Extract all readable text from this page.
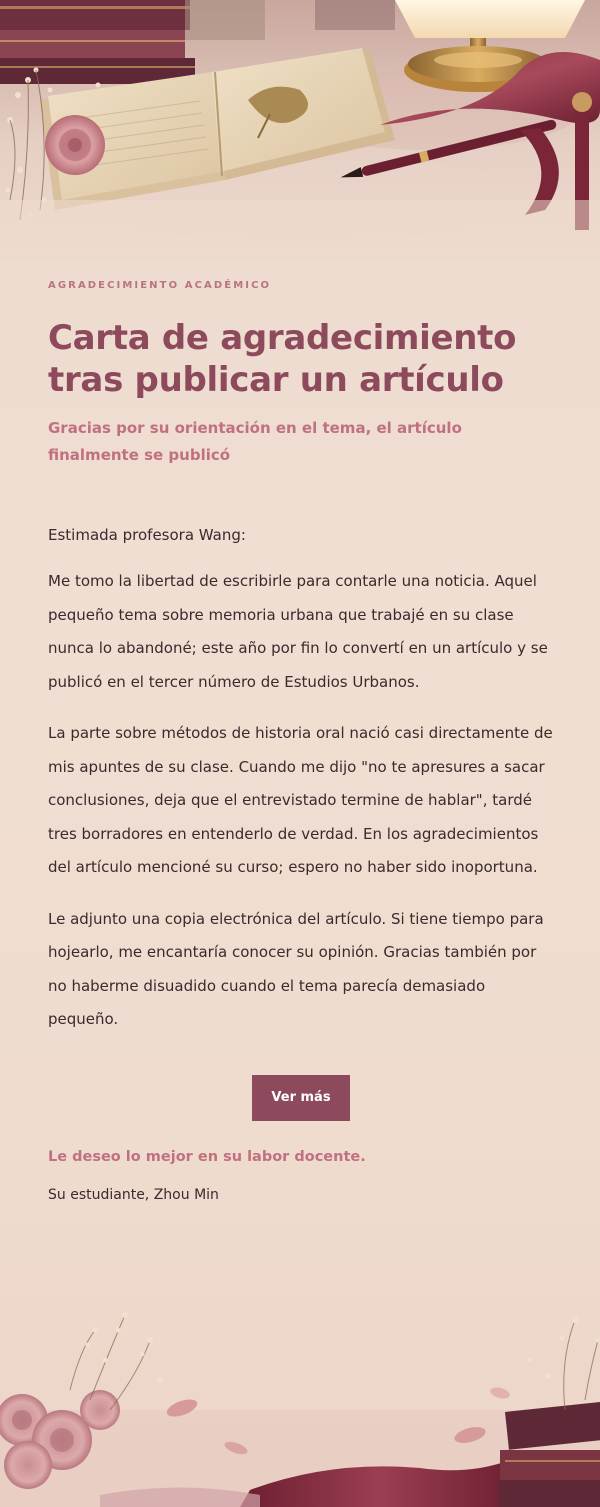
AGRADECIMIENTO ACADÉMICO

Carta de agradecimiento tras publicar un artículo

Gracias por su orientación en el tema, el artículo finalmente se publicó

Estimada profesora Wang:

Me tomo la libertad de escribirle para contarle una noticia. Aquel pequeño tema sobre memoria urbana que trabajé en su clase nunca lo abandoné; este año por fin lo convertí en un artículo y se publicó en el tercer número de Estudios Urbanos.

La parte sobre métodos de historia oral nació casi directamente de mis apuntes de su clase. Cuando me dijo "no te apresures a sacar conclusiones, deja que el entrevistado termine de hablar", tardé tres borradores en entenderlo de verdad. En los agradecimientos del artículo mencioné su curso; espero no haber sido inoportuna.

Le adjunto una copia electrónica del artículo. Si tiene tiempo para hojearlo, me encantaría conocer su opinión. Gracias también por no haberme disuadido cuando el tema parecía demasiado pequeño.

Ver más

Le deseo lo mejor en su labor docente.

Su estudiante, Zhou Min
